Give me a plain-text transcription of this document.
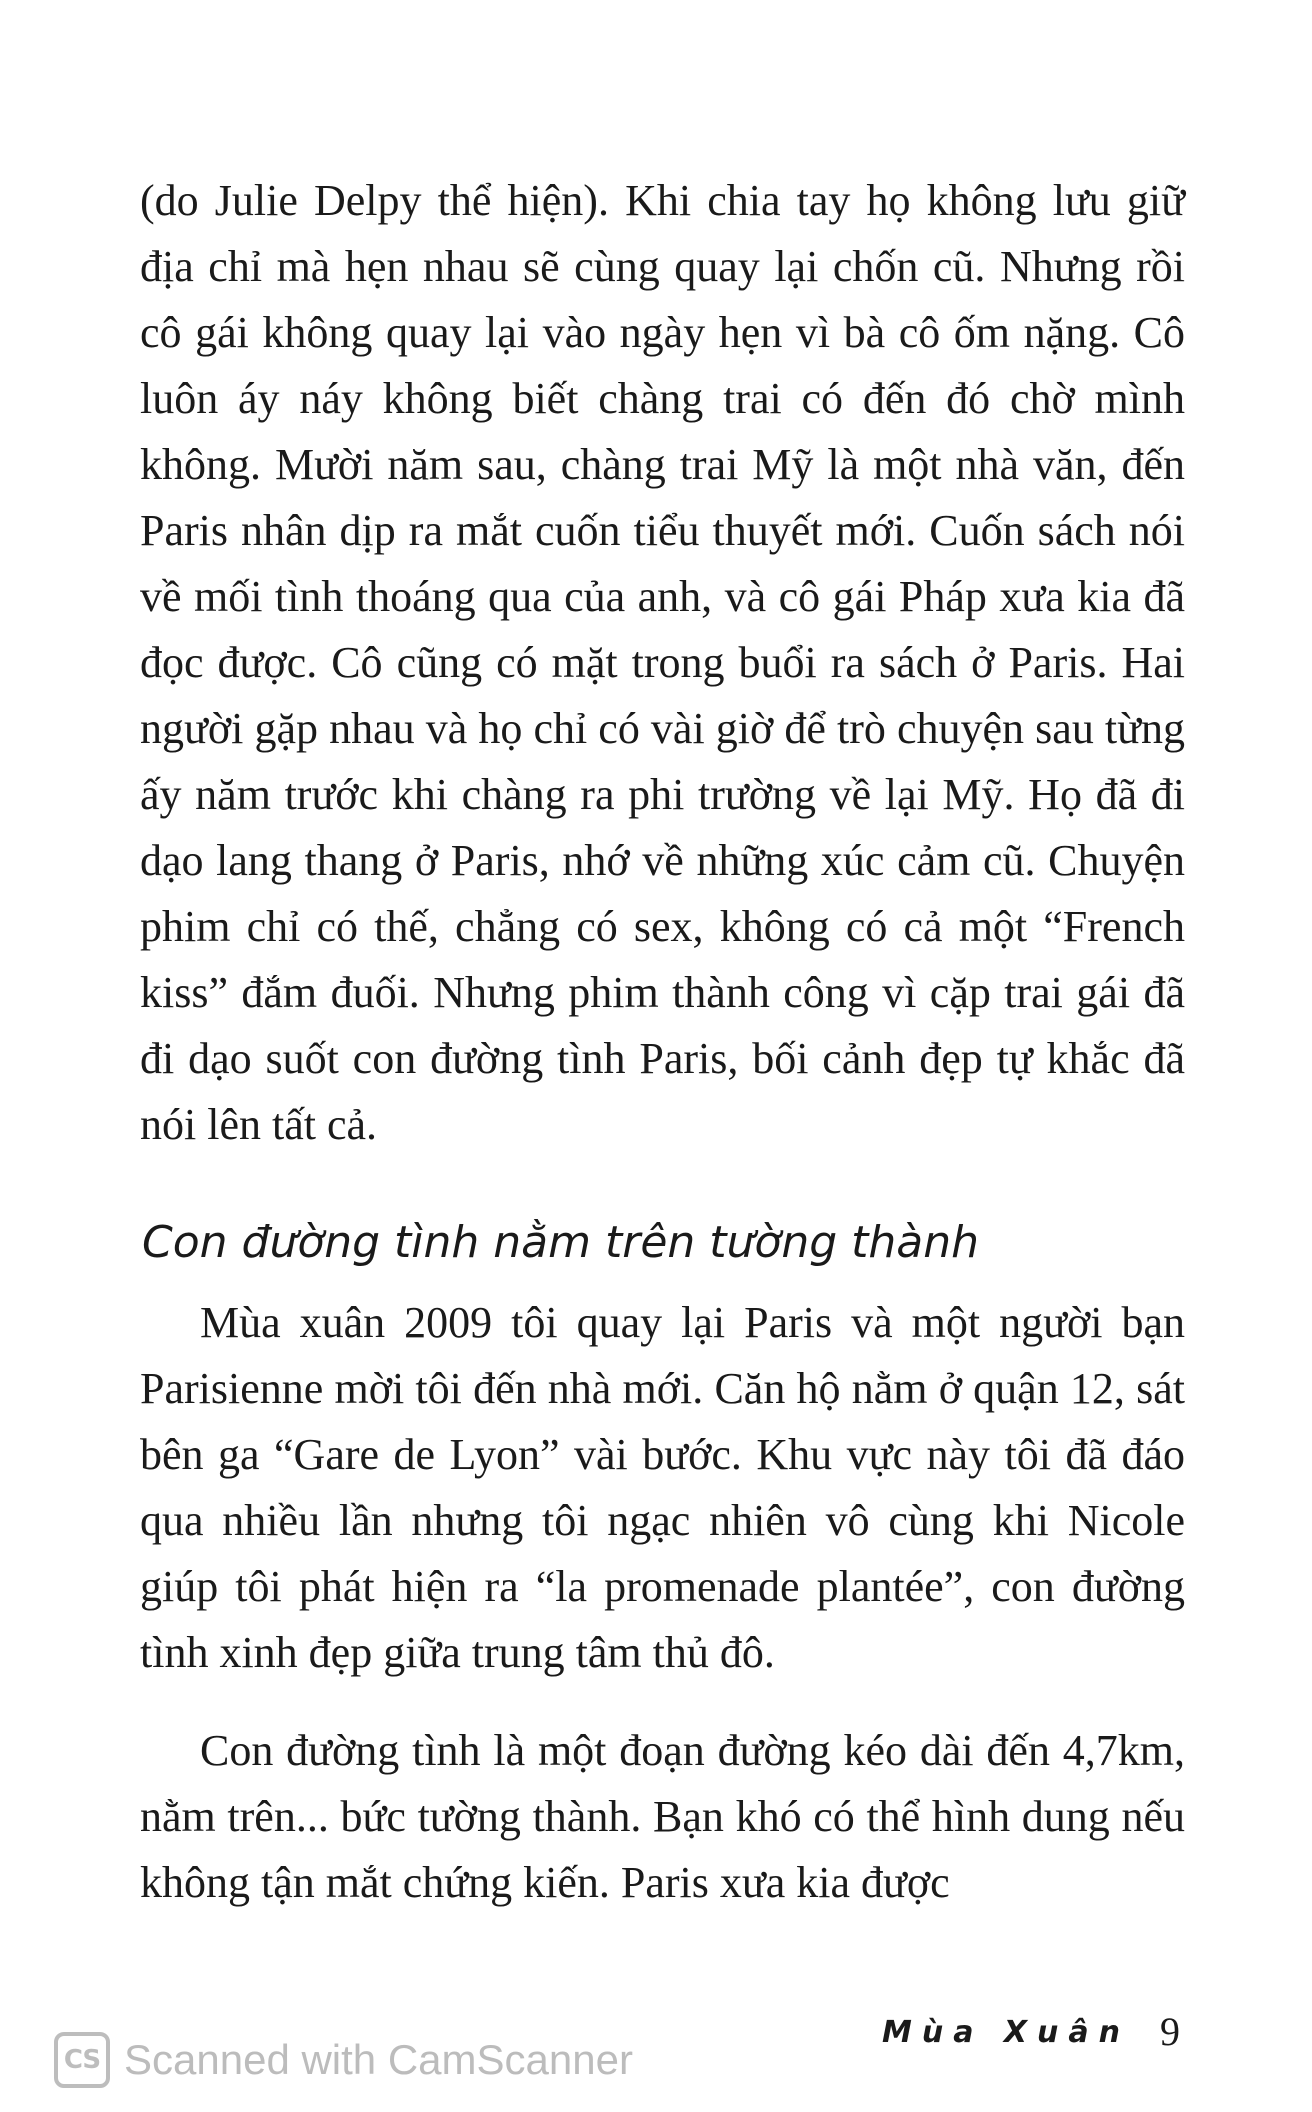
(do Julie Delpy thể hiện). Khi chia tay họ không lưu giữ địa chỉ mà hẹn nhau sẽ cùng quay lại chốn cũ. Nhưng rồi cô gái không quay lại vào ngày hẹn vì bà cô ốm nặng. Cô luôn áy náy không biết chàng trai có đến đó chờ mình không. Mười năm sau, chàng trai Mỹ là một nhà văn, đến Paris nhân dịp ra mắt cuốn tiểu thuyết mới. Cuốn sách nói về mối tình thoáng qua của anh, và cô gái Pháp xưa kia đã đọc được. Cô cũng có mặt trong buổi ra sách ở Paris. Hai người gặp nhau và họ chỉ có vài giờ để trò chuyện sau từng ấy năm trước khi chàng ra phi trường về lại Mỹ. Họ đã đi dạo lang thang ở Paris, nhớ về những xúc cảm cũ. Chuyện phim chỉ có thế, chẳng có sex, không có cả một “French kiss” đắm đuối. Nhưng phim thành công vì cặp trai gái đã đi dạo suốt con đường tình Paris, bối cảnh đẹp tự khắc đã nói lên tất cả.

Con đường tình nằm trên tường thành

Mùa xuân 2009 tôi quay lại Paris và một người bạn Parisienne mời tôi đến nhà mới. Căn hộ nằm ở quận 12, sát bên ga “Gare de Lyon” vài bước. Khu vực này tôi đã đáo qua nhiều lần nhưng tôi ngạc nhiên vô cùng khi Nicole giúp tôi phát hiện ra “la promenade plantée”, con đường tình xinh đẹp giữa trung tâm thủ đô.

Con đường tình là một đoạn đường kéo dài đến 4,7km, nằm trên... bức tường thành. Bạn khó có thể hình dung nếu không tận mắt chứng kiến. Paris xưa kia được

CS Scanned with CamScanner
Mùa Xuân 9
